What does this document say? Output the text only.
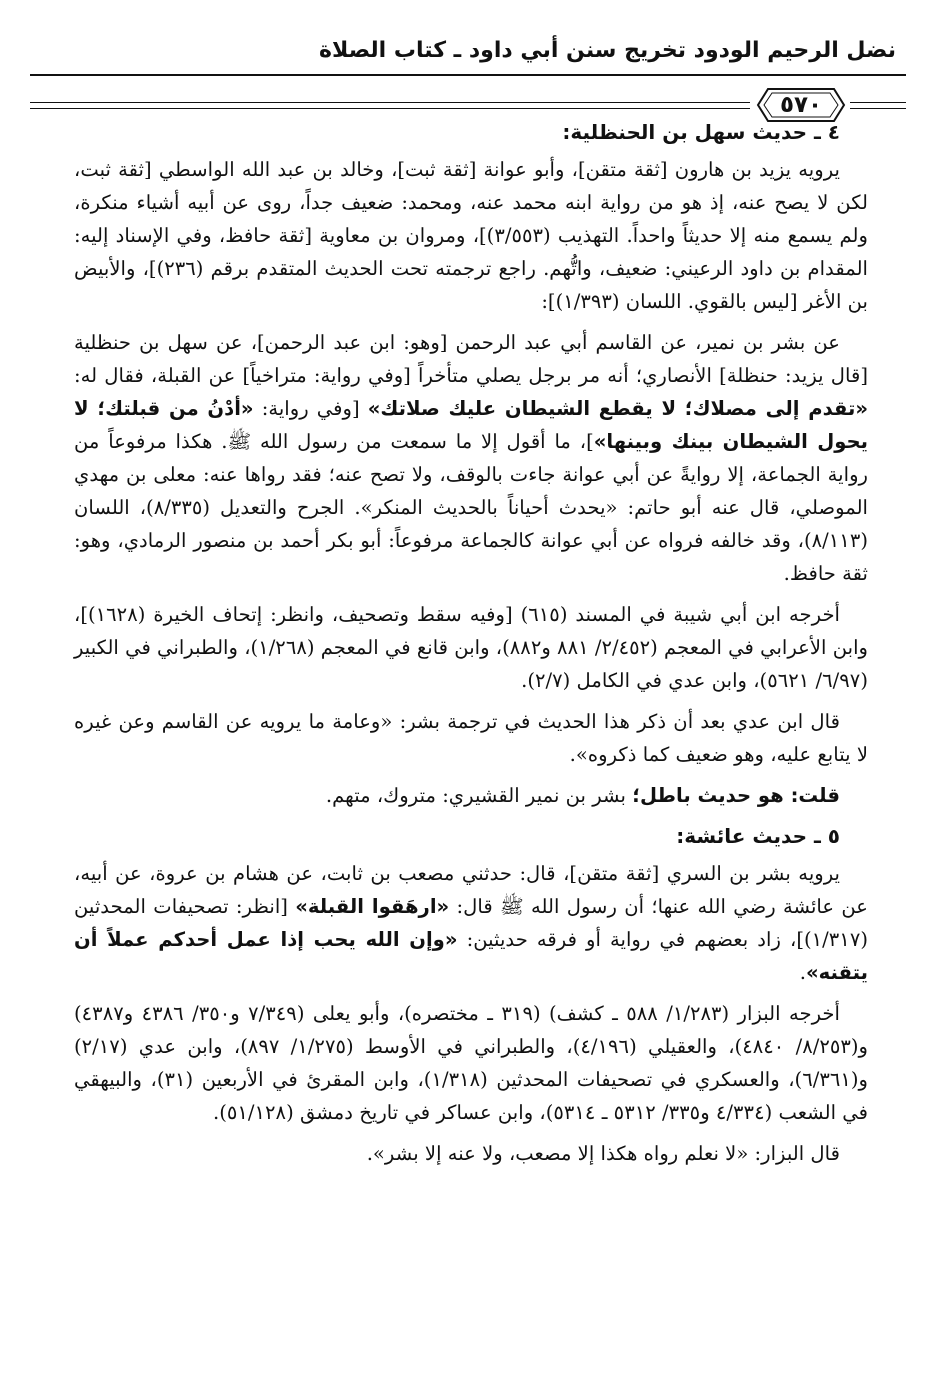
نضل الرحيم الودود تخريج سنن أبي داود ـ كتاب الصلاة
٥٧٠
٤ ـ حديث سهل بن الحنظلية:

يرويه يزيد بن هارون [ثقة متقن]، وأبو عوانة [ثقة ثبت]، وخالد بن عبد الله الواسطي [ثقة ثبت، لكن لا يصح عنه، إذ هو من رواية ابنه محمد عنه، ومحمد: ضعيف جداً، روى عن أبيه أشياء منكرة، ولم يسمع منه إلا حديثاً واحداً. التهذيب (٣/٥٥٣)]، ومروان بن معاوية [ثقة حافظ، وفي الإسناد إليه: المقدام بن داود الرعيني: ضعيف، واتُّهم. راجع ترجمته تحت الحديث المتقدم برقم (٢٣٦)]، والأبيض بن الأغر [ليس بالقوي. اللسان (١/٣٩٣)]:

عن بشر بن نمير، عن القاسم أبي عبد الرحمن [وهو: ابن عبد الرحمن]، عن سهل بن حنظلية [قال يزيد: حنظلة] الأنصاري؛ أنه مر برجل يصلي متأخراً [وفي رواية: متراخياً] عن القبلة، فقال له: «تقدم إلى مصلاك؛ لا يقطع الشيطان عليك صلاتك» [وفي رواية: «أدْنُ من قبلتك؛ لا يحول الشيطان بينك وبينها»]، ما أقول إلا ما سمعت من رسول الله ﷺ. هكذا مرفوعاً من رواية الجماعة، إلا روايةً عن أبي عوانة جاءت بالوقف، ولا تصح عنه؛ فقد رواها عنه: معلى بن مهدي الموصلي، قال عنه أبو حاتم: «يحدث أحياناً بالحديث المنكر». الجرح والتعديل (٨/٣٣٥)، اللسان (٨/١١٣)، وقد خالفه فرواه عن أبي عوانة كالجماعة مرفوعاً: أبو بكر أحمد بن منصور الرمادي، وهو: ثقة حافظ.

أخرجه ابن أبي شيبة في المسند (٦١٥) [وفيه سقط وتصحيف، وانظر: إتحاف الخيرة (١٦٢٨)]، وابن الأعرابي في المعجم (٢/٤٥٢/ ٨٨١ و٨٨٢)، وابن قانع في المعجم (١/٢٦٨)، والطبراني في الكبير (٦/٩٧/ ٥٦٢١)، وابن عدي في الكامل (٢/٧).

قال ابن عدي بعد أن ذكر هذا الحديث في ترجمة بشر: «وعامة ما يرويه عن القاسم وعن غيره لا يتابع عليه، وهو ضعيف كما ذكروه».

قلت: هو حديث باطل؛ بشر بن نمير القشيري: متروك، متهم.

٥ ـ حديث عائشة:

يرويه بشر بن السري [ثقة متقن]، قال: حدثني مصعب بن ثابت، عن هشام بن عروة، عن أبيه، عن عائشة رضي الله عنها؛ أن رسول الله ﷺ قال: «ارهَقوا القبلة» [انظر: تصحيفات المحدثين (١/٣١٧)]، زاد بعضهم في رواية أو فرقه حديثين: «وإن الله يحب إذا عمل أحدكم عملاً أن يتقنه».

أخرجه البزار (١/٢٨٣/ ٥٨٨ ـ كشف) (٣١٩ ـ مختصره)، وأبو يعلى (٧/٣٤٩ و٣٥٠/ ٤٣٨٦ و٤٣٨٧) و(٨/٢٥٣/ ٤٨٤٠)، والعقيلي (٤/١٩٦)، والطبراني في الأوسط (١/٢٧٥/ ٨٩٧)، وابن عدي (٢/١٧) و(٦/٣٦١)، والعسكري في تصحيفات المحدثين (١/٣١٨)، وابن المقرئ في الأربعين (٣١)، والبيهقي في الشعب (٤/٣٣٤ و٣٣٥/ ٥٣١٢ ـ ٥٣١٤)، وابن عساكر في تاريخ دمشق (٥١/١٢٨).

قال البزار: «لا نعلم رواه هكذا إلا مصعب، ولا عنه إلا بشر».
